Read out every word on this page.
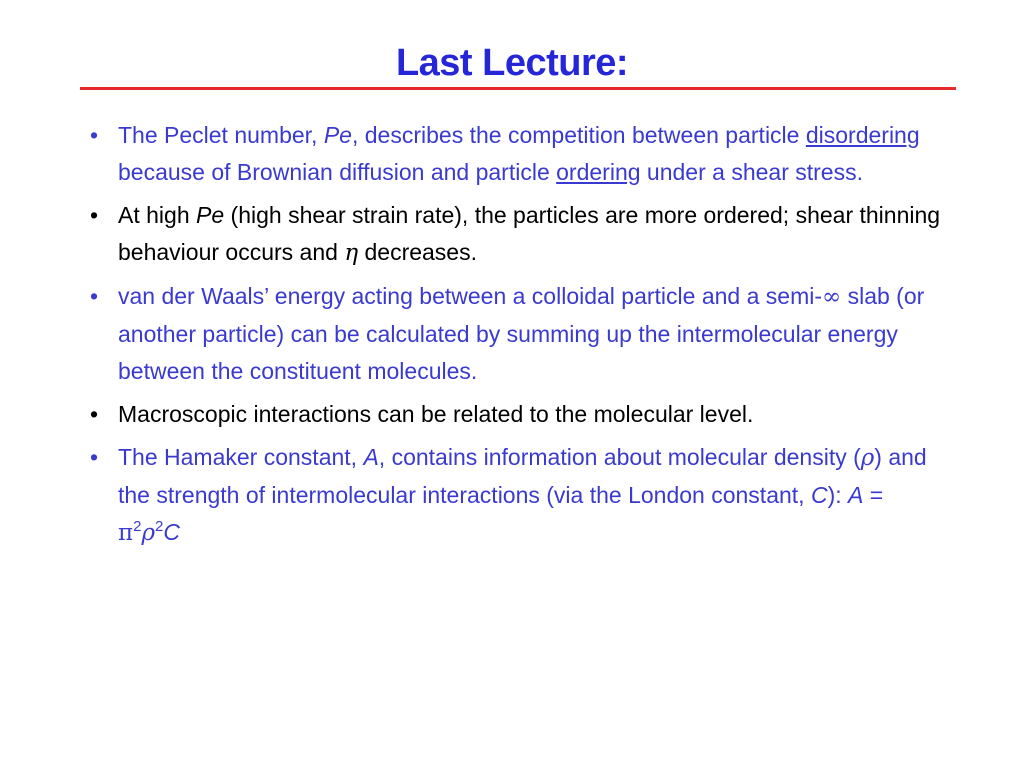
Last Lecture:
• The Peclet number, Pe, describes the competition between particle disordering because of Brownian diffusion and particle ordering under a shear stress.
• At high Pe (high shear strain rate), the particles are more ordered; shear thinning behaviour occurs and η decreases.
• van der Waals’ energy acting between a colloidal particle and a semi-∞ slab (or another particle) can be calculated by summing up the intermolecular energy between the constituent molecules.
• Macroscopic interactions can be related to the molecular level.
• The Hamaker constant, A, contains information about molecular density (ρ) and the strength of intermolecular interactions (via the London constant, C): $A = \pi^2\rho^2C$
